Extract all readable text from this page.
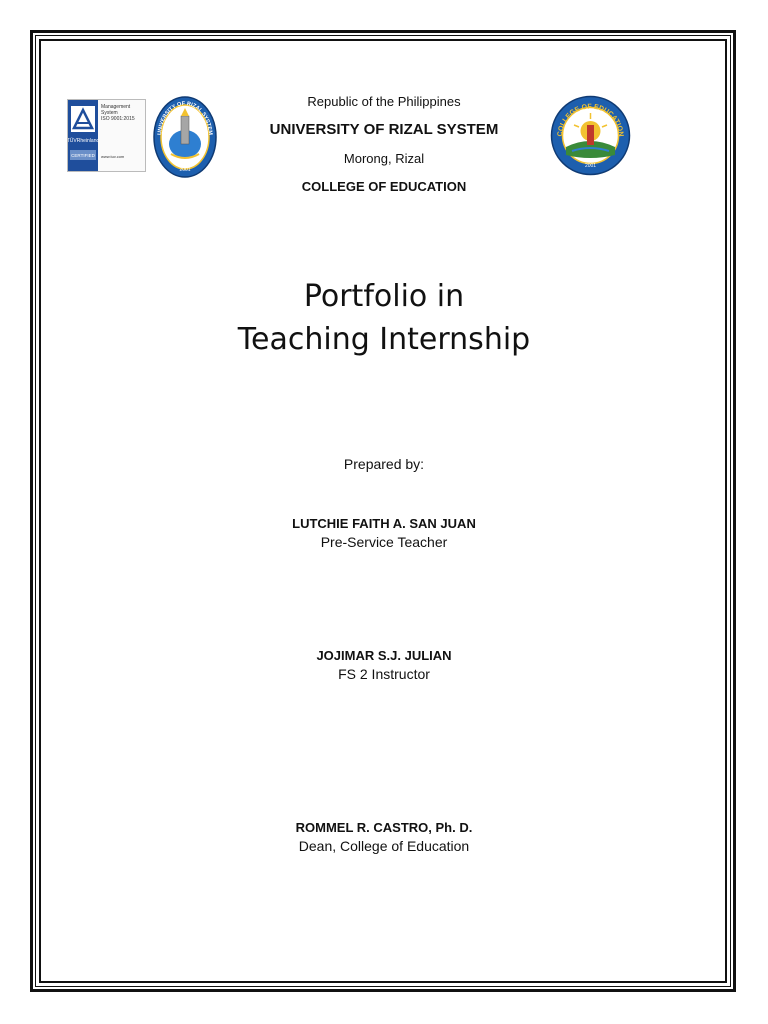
TÜVRheinland
CERTIFIED
Management
System
ISO 9001:2015
www.tuv.com
UNIVERSITY OF RIZAL SYSTEM
2001
COLLEGE OF EDUCATION
2001
Republic of the Philippines
UNIVERSITY OF RIZAL SYSTEM
Morong, Rizal
COLLEGE OF EDUCATION
Portfolio in
Teaching Internship
Prepared by:
LUTCHIE FAITH A. SAN JUAN
Pre-Service Teacher
JOJIMAR S.J. JULIAN
FS 2 Instructor
ROMMEL R. CASTRO, Ph. D.
Dean, College of Education
